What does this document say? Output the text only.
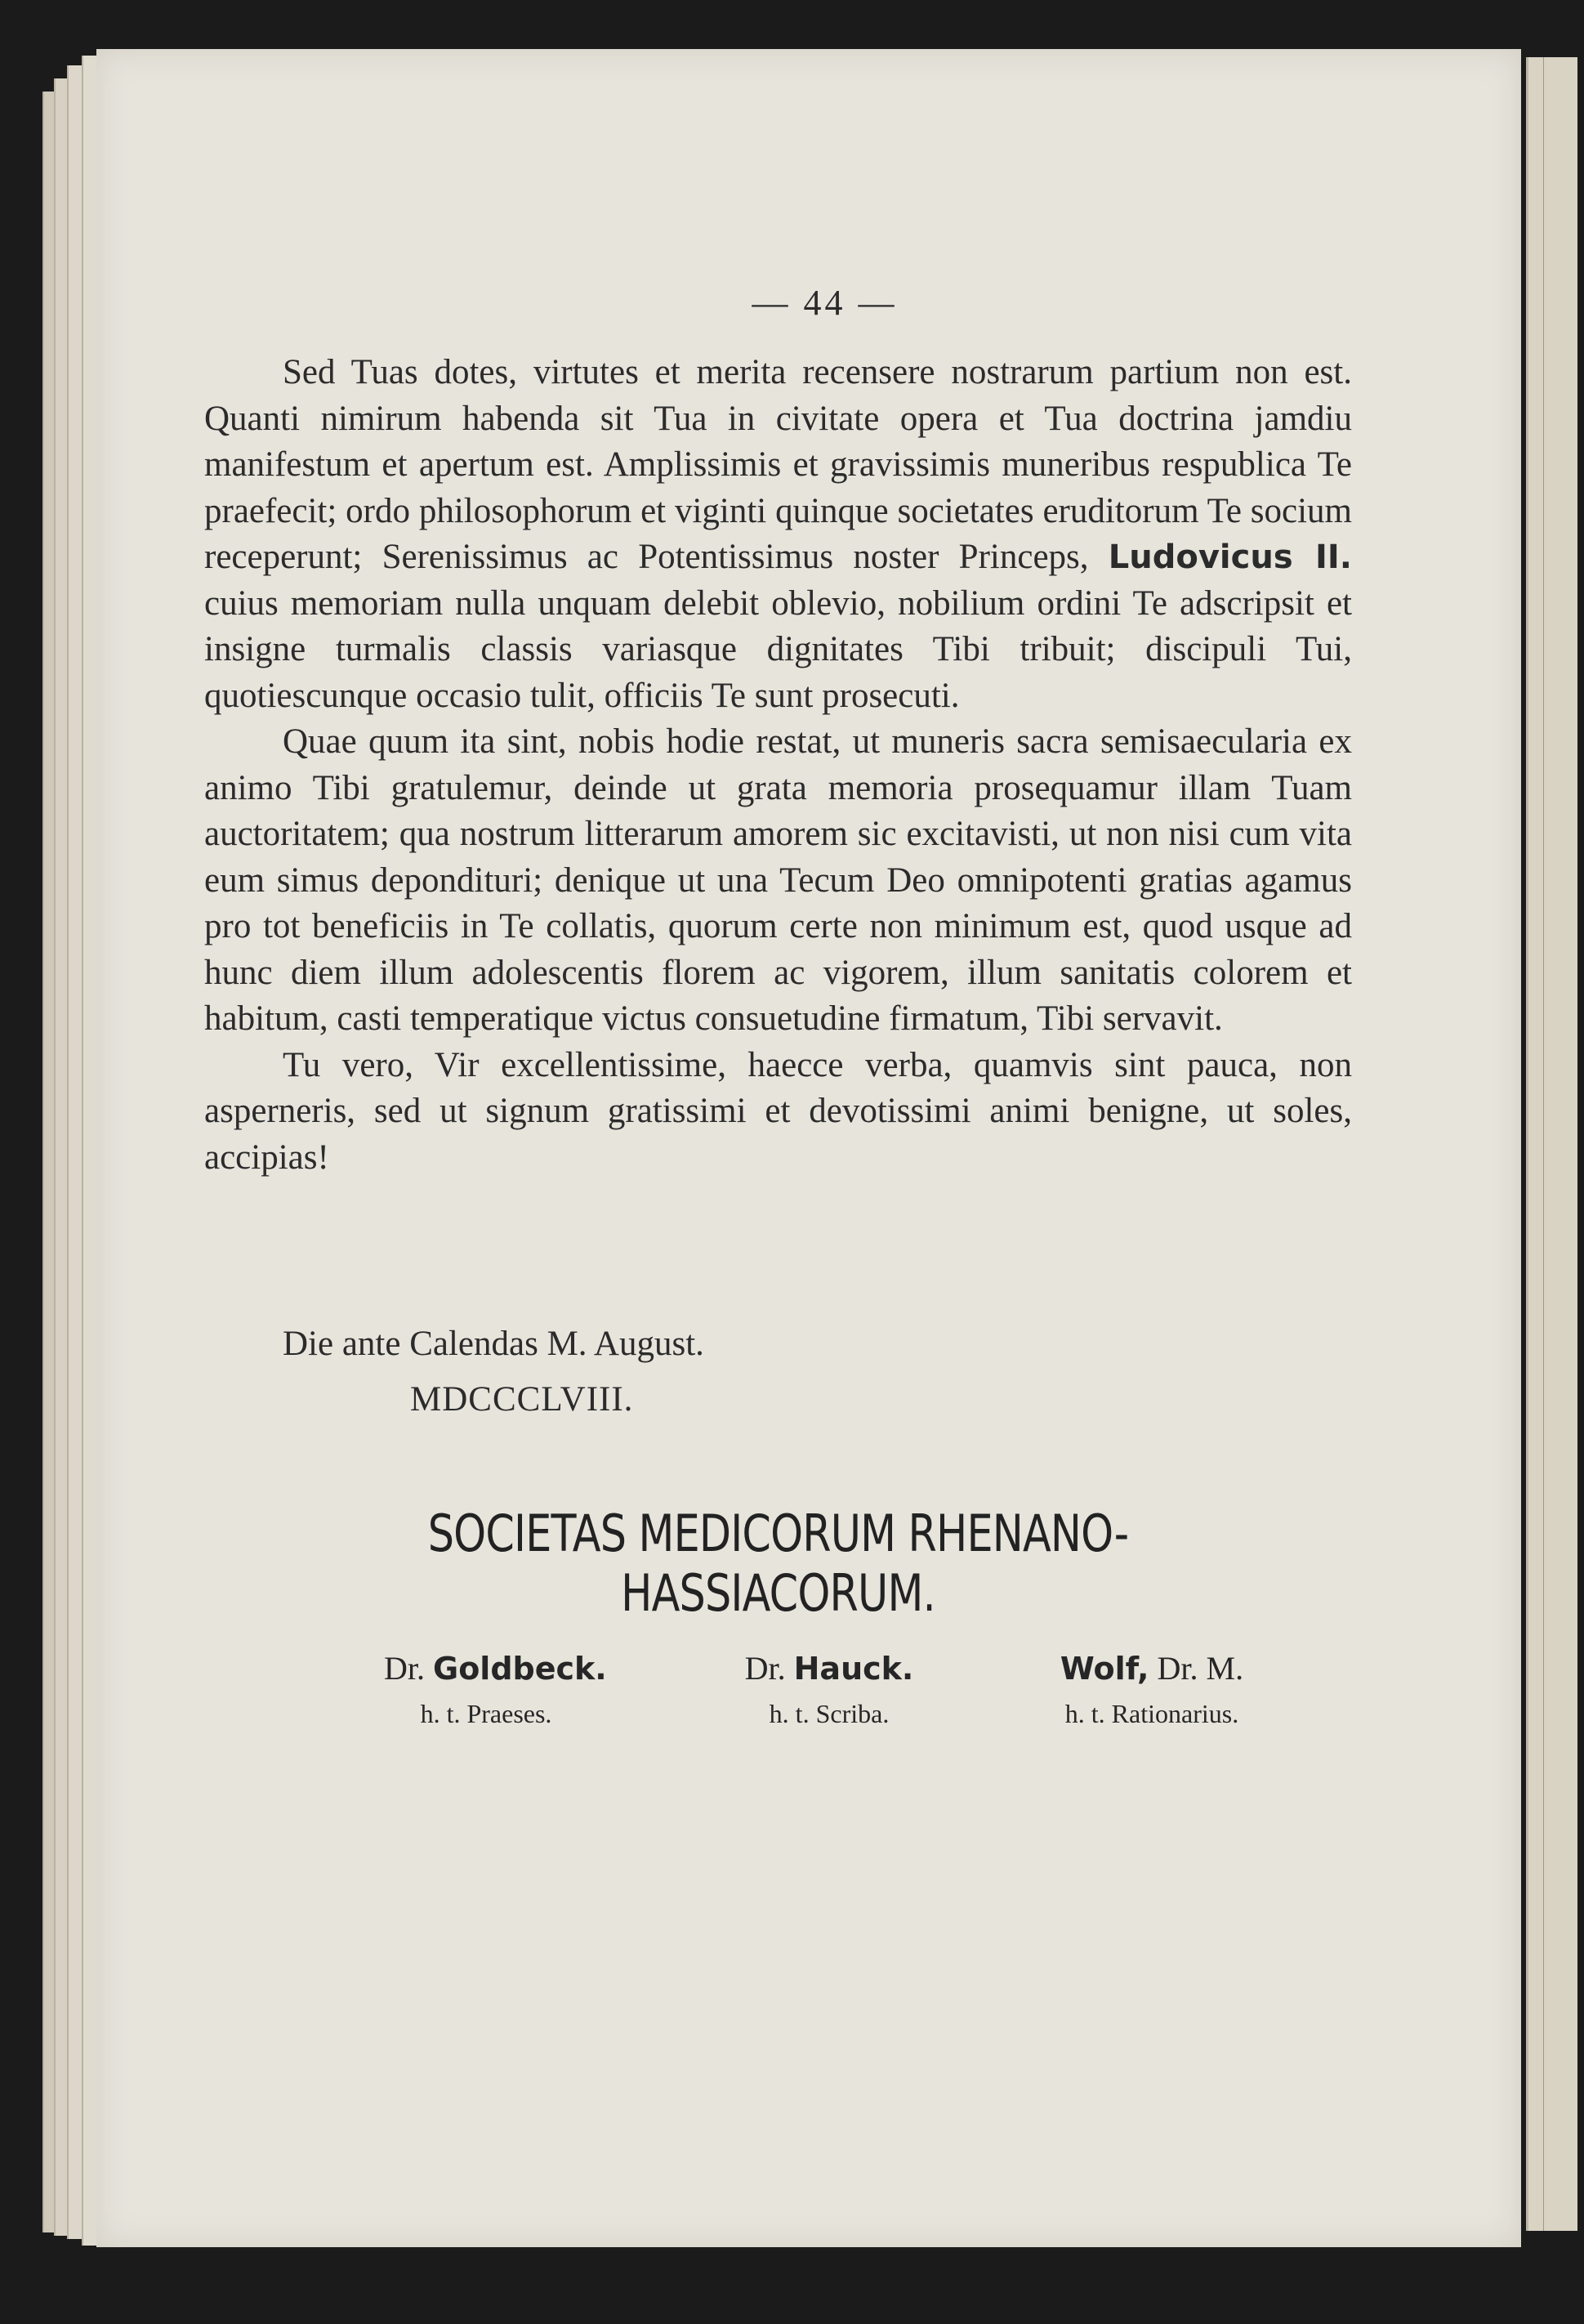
— 44 —

Sed Tuas dotes, virtutes et merita recensere nostrarum partium non est. Quanti nimirum habenda sit Tua in civitate opera et Tua doctrina jamdiu manifestum et apertum est. Amplissimis et gravissimis muneribus respublica Te praefecit; ordo philosophorum et viginti quinque societates eruditorum Te socium receperunt; Serenissimus ac Potentissimus noster Princeps, Ludovicus II. cuius memoriam nulla unquam delebit oblevio, nobilium ordini Te adscripsit et insigne turmalis classis variasque dignitates Tibi tribuit; discipuli Tui, quotiescunque occasio tulit, officiis Te sunt prosecuti.

Quae quum ita sint, nobis hodie restat, ut muneris sacra semisaecularia ex animo Tibi gratulemur, deinde ut grata memoria prosequamur illam Tuam auctoritatem; qua nostrum litterarum amorem sic excitavisti, ut non nisi cum vita eum simus depondituri; denique ut una Tecum Deo omnipotenti gratias agamus pro tot beneficiis in Te collatis, quorum certe non minimum est, quod usque ad hunc diem illum adolescentis florem ac vigorem, illum sanitatis colorem et habitum, casti temperatique victus consuetudine firmatum, Tibi servavit.

Tu vero, Vir excellentissime, haecce verba, quamvis sint pauca, non asperneris, sed ut signum gratissimi et devotissimi animi benigne, ut soles, accipias!

Die ante Calendas M. August.
MDCCCLVIII.
SOCIETAS MEDICORUM RHENANO-HASSIACORUM.
Dr. Goldbeck.
h. t. Praeses.
Dr. Hauck.
h. t. Scriba.
Wolf, Dr. M.
h. t. Rationarius.
